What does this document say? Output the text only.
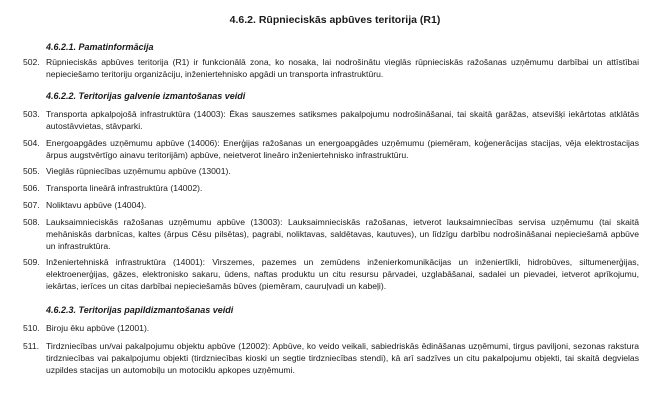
4.6.2. Rūpnieciskās apbūves teritorija (R1)
4.6.2.1. Pamatinformācija
502. Rūpnieciskās apbūves teritorija (R1) ir funkcionālā zona, ko nosaka, lai nodrošinātu vieglās rūpnieciskās ražošanas uzņēmumu darbībai un attīstībai nepieciešamo teritoriju organizāciju, inženiertehnisko apgādi un transporta infrastruktūru.
4.6.2.2. Teritorijas galvenie izmantošanas veidi
503. Transporta apkalpojošā infrastruktūra (14003): Ēkas sauszemes satiksmes pakalpojumu nodrošināšanai, tai skaitā garāžas, atsevišķi iekārtotas atklātās autostāvvietas, stāvparki.
504. Energoapgādes uzņēmumu apbūve (14006): Enerģijas ražošanas un energoapgādes uzņēmumu (piemēram, koģenerācijas stacijas, vēja elektrostacijas ārpus augstvērtīgo ainavu teritorijām) apbūve, neietverot lineāro inženiertehnisko infrastruktūru.
505. Vieglās rūpniecības uzņēmumu apbūve (13001).
506. Transporta lineārā infrastruktūra (14002).
507. Noliktavu apbūve (14004).
508. Lauksaimnieciskās ražošanas uzņēmumu apbūve (13003): Lauksaimnieciskās ražošanas, ietverot lauksaimniecības servisa uzņēmumu (tai skaitā mehāniskās darbnīcas, kaltes (ārpus Cēsu pilsētas), pagrabi, noliktavas, saldētavas, kautuves), un līdzīgu darbību nodrošināšanai nepieciešamā apbūve un infrastruktūra.
509. Inženiertehniskā infrastruktūra (14001): Virszemes, pazemes un zemūdens inženierkomunikācijas un inženiertīkli, hidrobūves, siltumenerģijas, elektroenerģijas, gāzes, elektronisko sakaru, ūdens, naftas produktu un citu resursu pārvadei, uzglabāšanai, sadalei un pievadei, ietverot aprīkojumu, iekārtas, ierīces un citas darbībai nepieciešamās būves (piemēram, cauruļvadi un kabeļi).
4.6.2.3. Teritorijas papildizmantošanas veidi
510. Biroju ēku apbūve (12001).
511. Tirdzniecības un/vai pakalpojumu objektu apbūve (12002): Apbūve, ko veido veikali, sabiedriskās ēdināšanas uzņēmumi, tirgus paviljoni, sezonas rakstura tirdzniecības vai pakalpojumu objekti (tirdzniecības kioski un segtie tirdzniecības stendi), kā arī sadzīves un citu pakalpojumu objekti, tai skaitā degvielas uzpildes stacijas un automobiļu un motociklu apkopes uzņēmumi.
